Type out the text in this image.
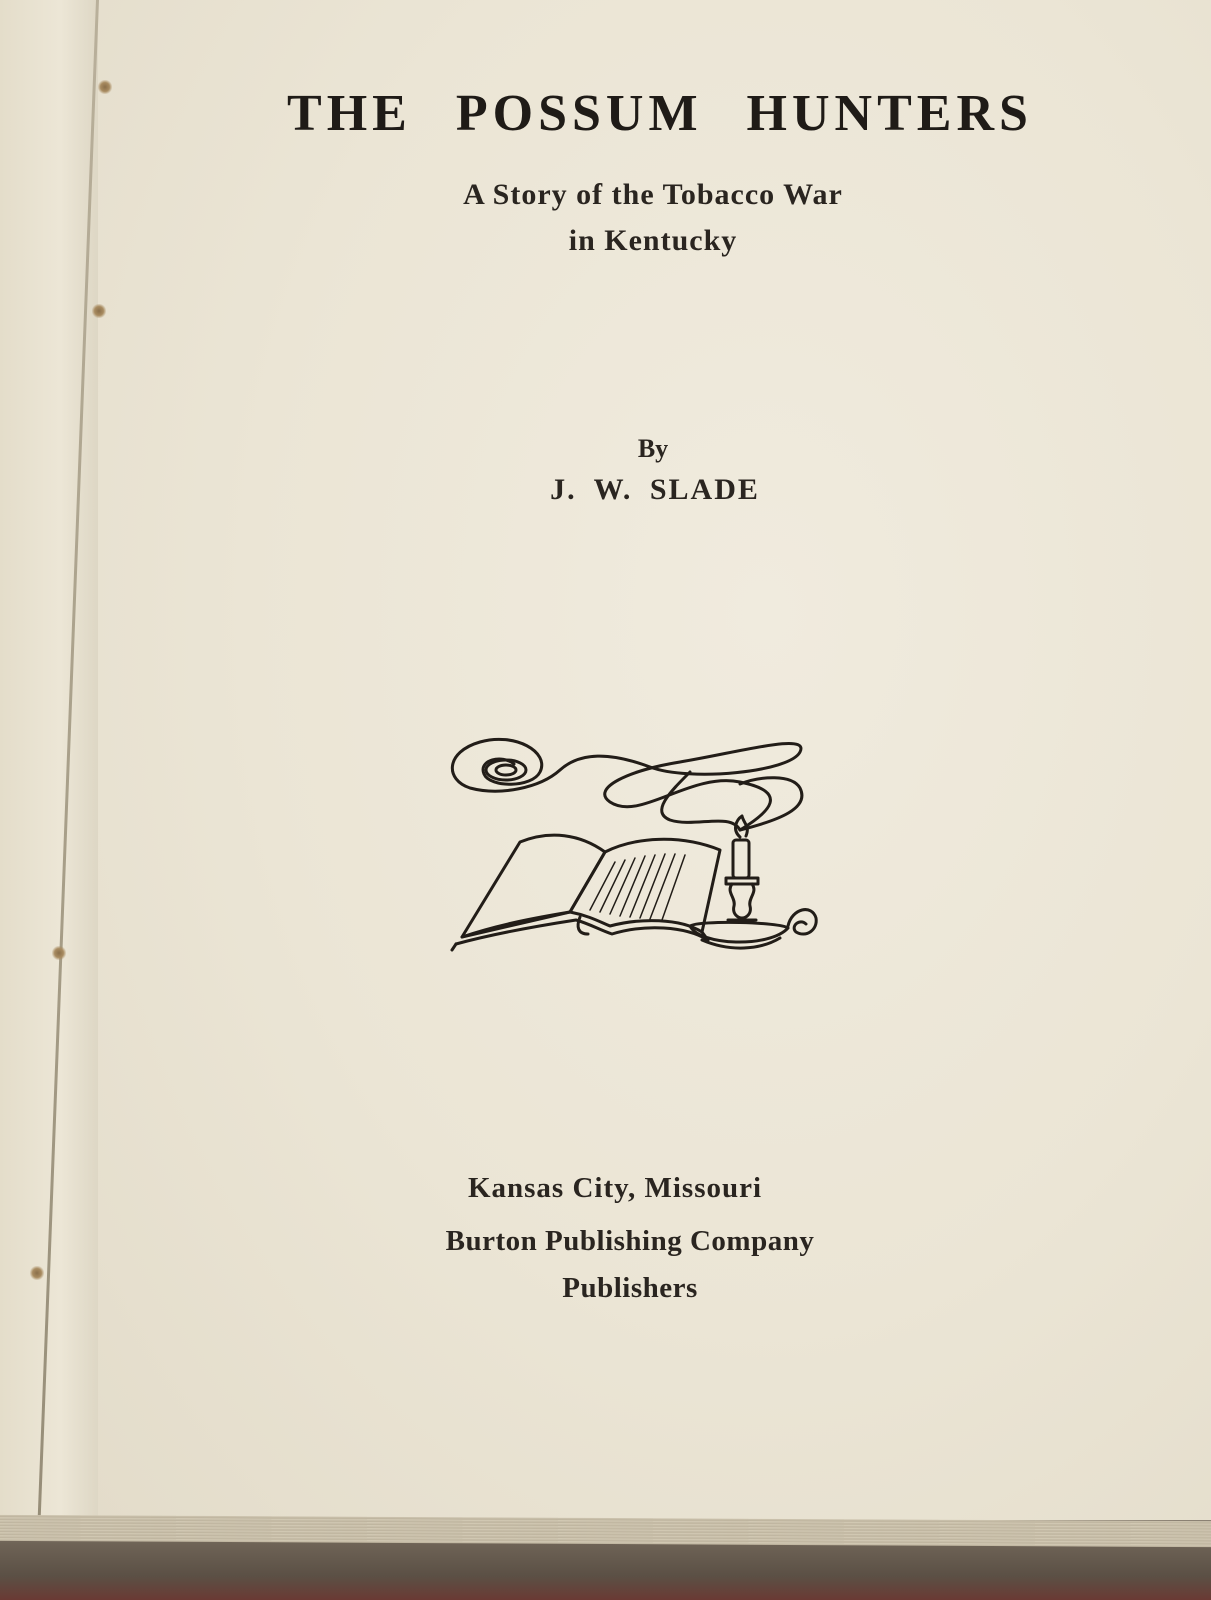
THE POSSUM HUNTERS
A Story of the Tobacco War
in Kentucky
By
J. W. SLADE
Kansas City, Missouri
Burton Publishing Company
Publishers
